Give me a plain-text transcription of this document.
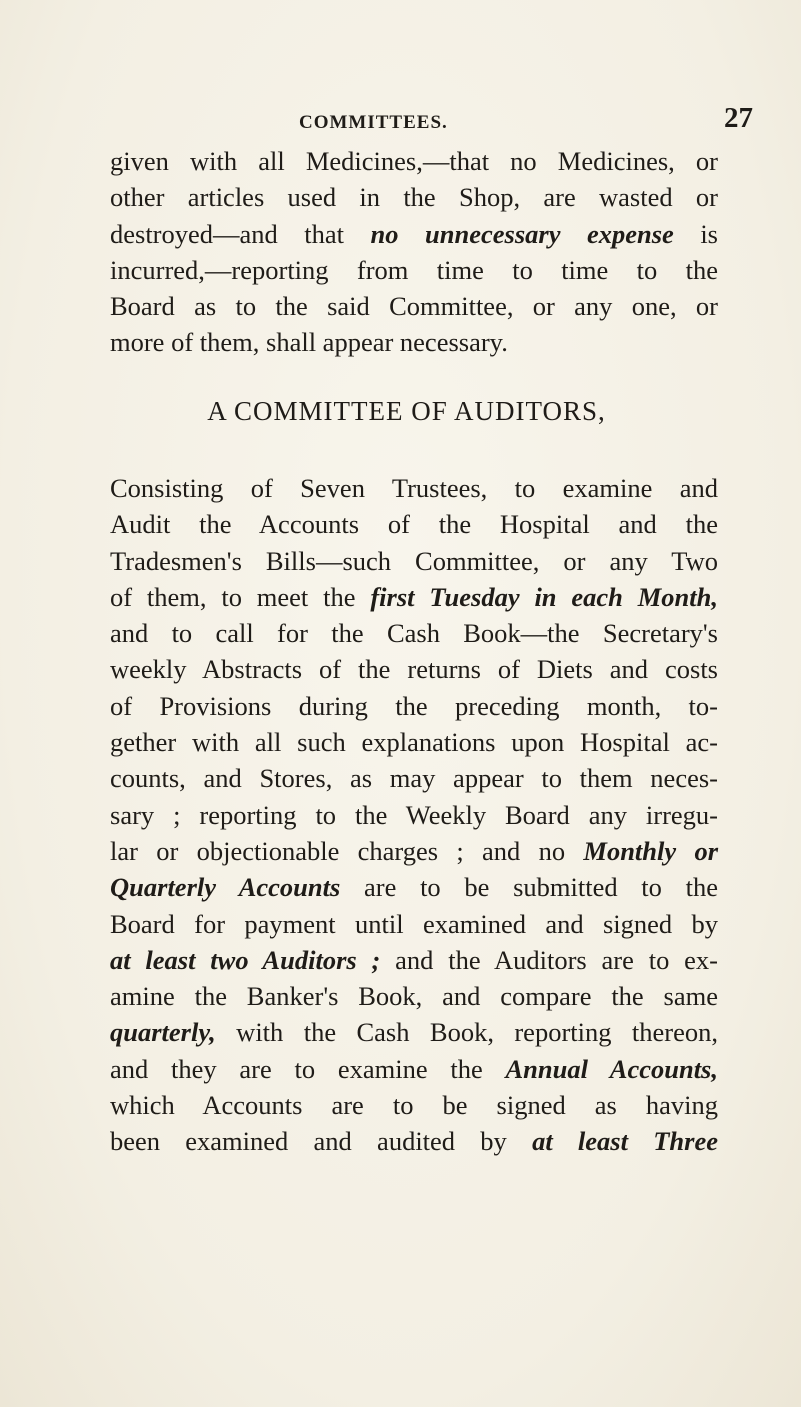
COMMITTEES.	27
given with all Medicines,—that no Medicines, or
other articles used in the Shop, are wasted or
destroyed—and that no unnecessary expense is
incurred,—reporting from time to time to the
Board as to the said Committee, or any one, or
more of them, shall appear necessary.
A COMMITTEE OF AUDITORS,
Consisting of Seven Trustees, to examine and
Audit the Accounts of the Hospital and the
Tradesmen's Bills—such Committee, or any Two
of them, to meet the first Tuesday in each Month,
and to call for the Cash Book—the Secretary's
weekly Abstracts of the returns of Diets and costs
of Provisions during the preceding month, to-
gether with all such explanations upon Hospital ac-
counts, and Stores, as may appear to them neces-
sary ; reporting to the Weekly Board any irregu-
lar or objectionable charges ; and no Monthly or
Quarterly Accounts are to be submitted to the
Board for payment until examined and signed by
at least two Auditors ; and the Auditors are to ex-
amine the Banker's Book, and compare the same
quarterly, with the Cash Book, reporting thereon,
and they are to examine the Annual Accounts,
which Accounts are to be signed as having
been examined and audited by at least Three
